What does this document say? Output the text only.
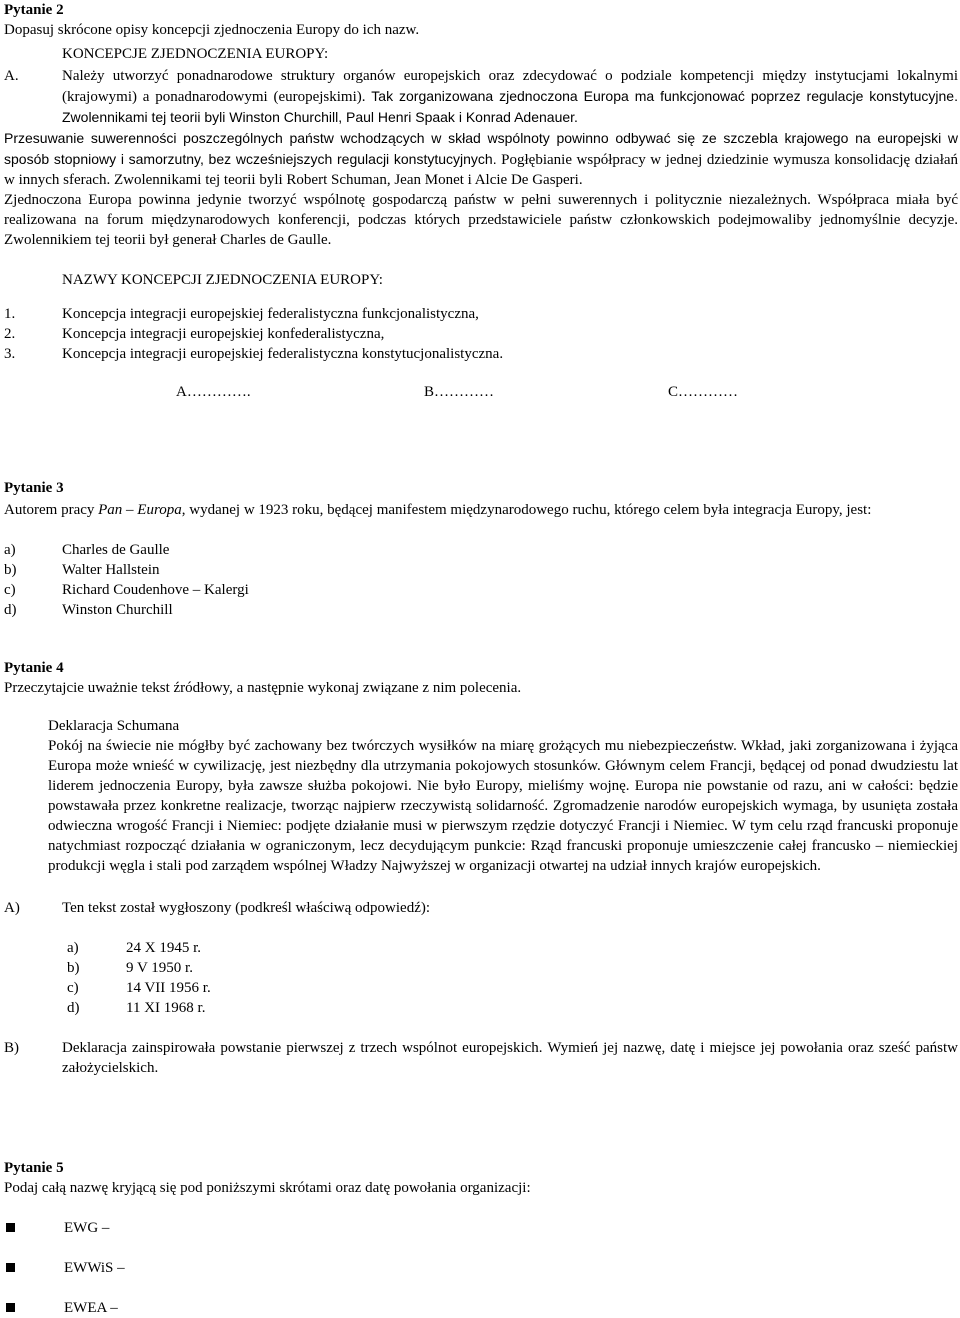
Pytanie 2
Dopasuj skrócone opisy koncepcji zjednoczenia Europy do ich nazw.
KONCEPCJE ZJEDNOCZENIA EUROPY:
A.	Należy utworzyć ponadnarodowe struktury organów europejskich oraz zdecydować o podziale kompetencji między instytucjami lokalnymi (krajowymi) a ponadnarodowymi (europejskimi). Tak zorganizowana zjednoczona Europa ma funkcjonować poprzez regulacje konstytucyjne. Zwolennikami tej teorii byli Winston Churchill, Paul Henri Spaak i Konrad Adenauer.
Przesuwanie suwerenności poszczególnych państw wchodzących w skład wspólnoty powinno odbywać się ze szczebla krajowego na europejski w sposób stopniowy i samorzutny, bez wcześniejszych regulacji konstytucyjnych. Pogłębianie współpracy w jednej dziedzinie wymusza konsolidację działań w innych sferach. Zwolennikami tej teorii byli Robert Schuman, Jean Monet i Alcie De Gasperi.
Zjednoczona Europa powinna jedynie tworzyć wspólnotę gospodarczą państw w pełni suwerennych i politycznie niezależnych. Współpraca miała być realizowana na forum międzynarodowych konferencji, podczas których przedstawiciele państw członkowskich podejmowaliby jednomyślnie decyzje. Zwolennikiem tej teorii był generał Charles de Gaulle.
NAZWY KONCEPCJI ZJEDNOCZENIA EUROPY:
1.	Koncepcja integracji europejskiej federalistyczna funkcjonalistyczna,
2.	Koncepcja integracji europejskiej konfederalistyczna,
3.	Koncepcja integracji europejskiej federalistyczna konstytucjonalistyczna.
A………….	B…………	C…………
Pytanie 3
Autorem pracy Pan – Europa, wydanej w 1923 roku, będącej manifestem międzynarodowego ruchu, którego celem była integracja Europy, jest:
a)	Charles de Gaulle
b)	Walter Hallstein
c)	Richard Coudenhove – Kalergi
d)	Winston Churchill
Pytanie 4
Przeczytajcie uważnie tekst źródłowy, a następnie wykonaj związane z nim polecenia.
Deklaracja Schumana
Pokój na świecie nie mógłby być zachowany bez twórczych wysiłków na miarę grożących mu niebezpieczeństw. Wkład, jaki zorganizowana i żyjąca Europa może wnieść w cywilizację, jest niezbędny dla utrzymania pokojowych stosunków. Głównym celem Francji, będącej od ponad dwudziestu lat liderem jednoczenia Europy, była zawsze służba pokojowi. Nie było Europy, mieliśmy wojnę. Europa nie powstanie od razu, ani w całości: będzie powstawała przez konkretne realizacje, tworząc najpierw rzeczywistą solidarność. Zgromadzenie narodów europejskich wymaga, by usunięta została odwieczna wrogość Francji i Niemiec: podjęte działanie musi w pierwszym rzędzie dotyczyć Francji i Niemiec. W tym celu rząd francuski proponuje natychmiast rozpocząć działania w ograniczonym, lecz decydującym punkcie: Rząd francuski proponuje umieszczenie całej francusko – niemieckiej produkcji węgla i stali pod zarządem wspólnej Władzy Najwyższej w organizacji otwartej na udział innych krajów europejskich.
A)	Ten tekst został wygłoszony (podkreśl właściwą odpowiedź):
a)	24 X 1945 r.
b)	9 V 1950 r.
c)	14 VII 1956 r.
d)	11 XI 1968 r.
B)	Deklaracja zainspirowała powstanie pierwszej z trzech wspólnot europejskich. Wymień jej nazwę, datę i miejsce jej powołania oraz sześć państw założycielskich.
Pytanie 5
Podaj całą nazwę kryjącą się pod poniższymi skrótami oraz datę powołania organizacji:
EWG –
EWWiS –
EWEA –
